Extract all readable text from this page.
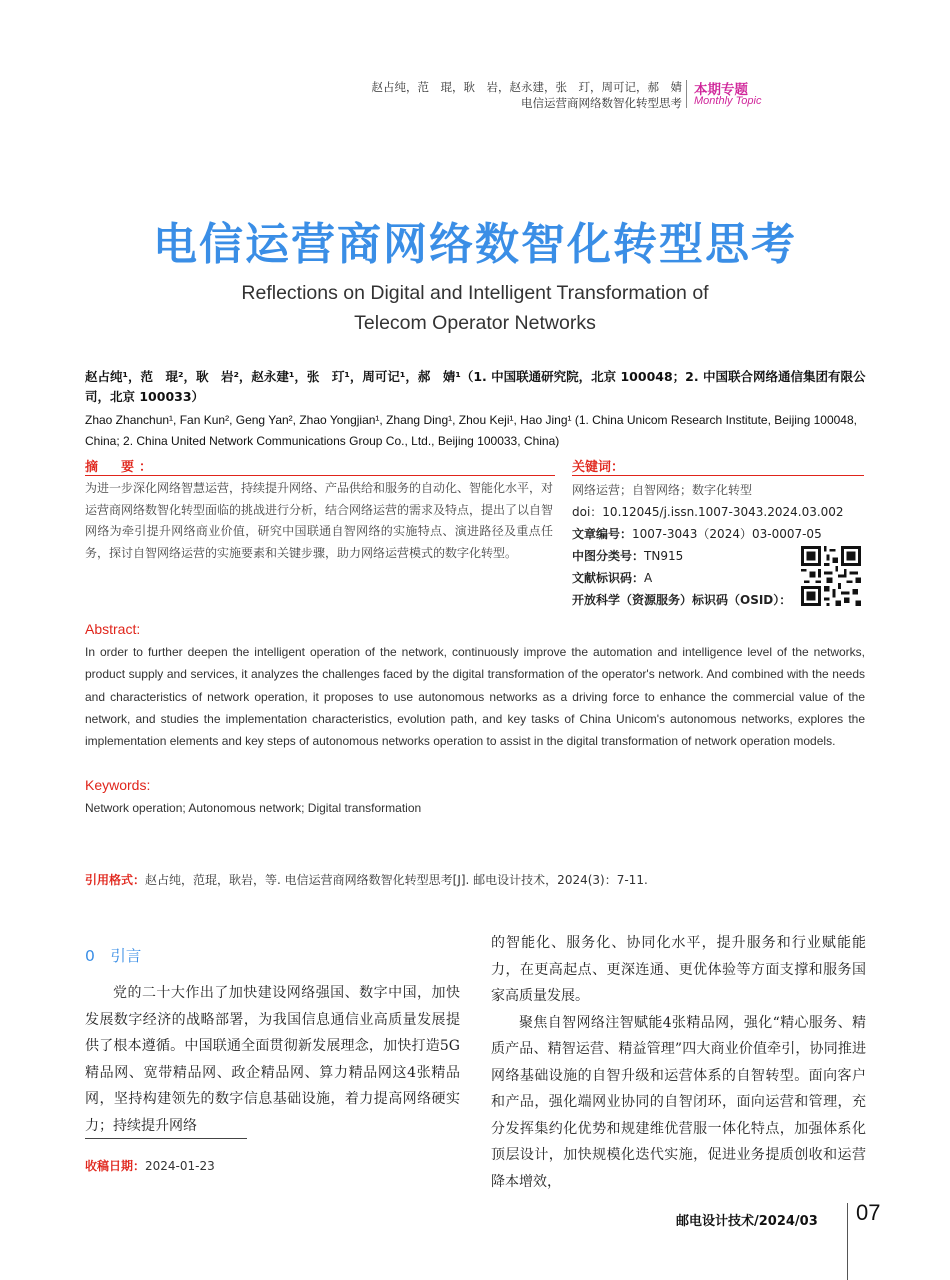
赵占纯，范　琨，耿　岩，赵永建，张　玎，周可记，郝　婧
电信运营商网络数智化转型思考
本期专题
Monthly Topic
电信运营商网络数智化转型思考
Reflections on Digital and Intelligent Transformation of
Telecom Operator Networks
赵占纯¹，范　琨²，耿　岩²，赵永建¹，张　玎¹，周可记¹，郝　婧¹（1. 中国联通研究院，北京 100048；2. 中国联合网络通信集团有限公司，北京 100033）
Zhao Zhanchun¹, Fan Kun², Geng Yan², Zhao Yongjian¹, Zhang Ding¹, Zhou Keji¹, Hao Jing¹ (1. China Unicom Research Institute, Beijing 100048, China; 2. China United Network Communications Group Co., Ltd., Beijing 100033, China)
摘　要：
为进一步深化网络智慧运营，持续提升网络、产品供给和服务的自动化、智能化水平，对运营商网络数智化转型面临的挑战进行分析，结合网络运营的需求及特点，提出了以自智网络为牵引提升网络商业价值，研究中国联通自智网络的实施特点、演进路径及重点任务，探讨自智网络运营的实施要素和关键步骤，助力网络运营模式的数字化转型。
关键词：
网络运营；自智网络；数字化转型
doi：10.12045/j.issn.1007-3043.2024.03.002
文章编号：1007-3043（2024）03-0007-05
中图分类号：TN915
文献标识码：A
开放科学（资源服务）标识码（OSID）：
Abstract:
In order to further deepen the intelligent operation of the network, continuously improve the automation and intelligence level of the networks, product supply and services, it analyzes the challenges faced by the digital transformation of the operator's network. And combined with the needs and characteristics of network operation, it proposes to use autonomous networks as a driving force to enhance the commercial value of the network, and studies the implementation characteristics, evolution path, and key tasks of China Unicom's autonomous networks, explores the implementation elements and key steps of autonomous networks operation to assist in the digital transformation of network operation models.
Keywords:
Network operation; Autonomous network; Digital transformation
引用格式：赵占纯，范琨，耿岩，等. 电信运营商网络数智化转型思考[J]. 邮电设计技术，2024(3)：7-11.
0　引言
党的二十大作出了加快建设网络强国、数字中国，加快发展数字经济的战略部署，为我国信息通信业高质量发展提供了根本遵循。中国联通全面贯彻新发展理念，加快打造5G精品网、宽带精品网、政企精品网、算力精品网这4张精品网，坚持构建领先的数字信息基础设施，着力提高网络硬实力；持续提升网络

的智能化、服务化、协同化水平，提升服务和行业赋能能力，在更高起点、更深连通、更优体验等方面支撑和服务国家高质量发展。

聚焦自智网络注智赋能4张精品网，强化“精心服务、精质产品、精智运营、精益管理”四大商业价值牵引，协同推进网络基础设施的自智升级和运营体系的自智转型。面向客户和产品，强化端网业协同的自智闭环，面向运营和管理，充分发挥集约化优势和规建维优营服一体化特点，加强体系化顶层设计，加快规模化迭代实施，促进业务提质创收和运营降本增效，

收稿日期：2024-01-23
邮电设计技术/2024/03 07
